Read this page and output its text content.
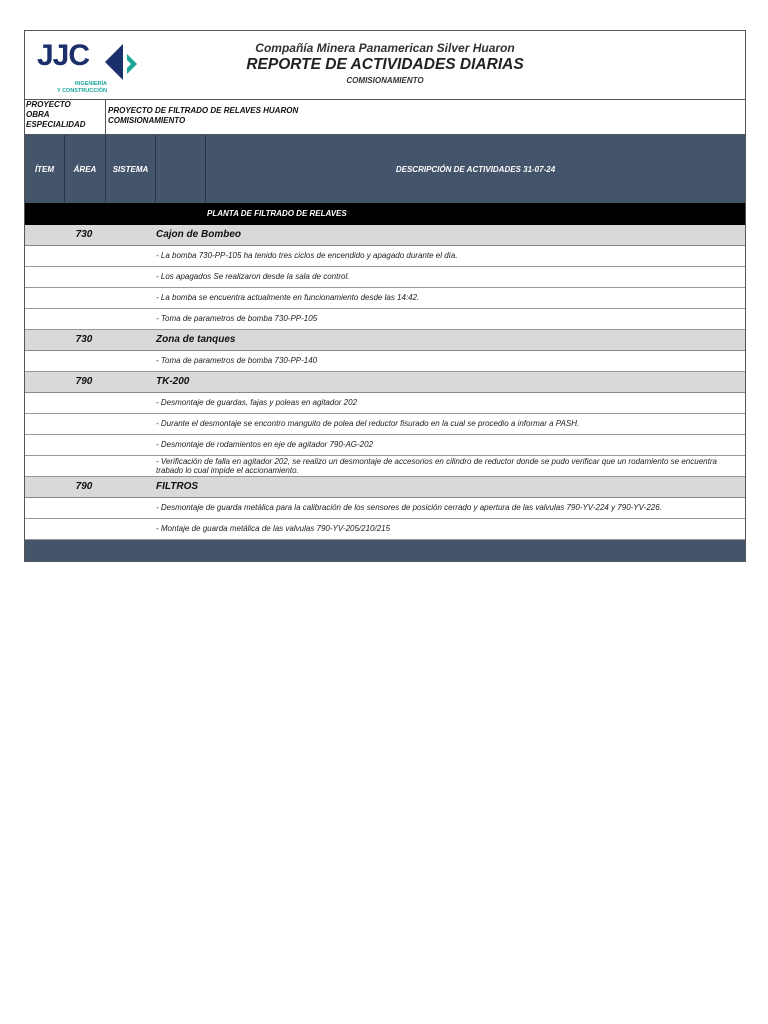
JJC
INGENIERÍA
Y CONSTRUCCIÓN
Compañía Minera Panamerican Silver Huaron
REPORTE DE ACTIVIDADES DIARIAS
COMISIONAMIENTO
PROYECTO
OBRA
ESPECIALIDAD
PROYECTO DE FILTRADO DE RELAVES HUARON
COMISIONAMIENTO
ÍTEM	ÁREA	SISTEMA	DESCRIPCIÓN DE ACTIVIDADES 31-07-24
PLANTA DE FILTRADO DE RELAVES
730	Cajon de Bombeo
- La bomba 730-PP-105 ha tenido tres ciclos de encendido y apagado durante el día.
- Los apagados Se realizaron desde la sala de control.
- La bomba se encuentra actualmente en funcionamiento desde las 14:42.
- Toma de parametros de bomba 730-PP-105
730	Zona de tanques
- Toma de parametros de bomba 730-PP-140
790	TK-200
- Desmontaje de guardas, fajas y poleas en agitador 202
- Durante el desmontaje se encontro manguito de polea del reductor fisurado en la cual se procedio a informar a PASH.
- Desmontaje de rodamientos en eje de agitador 790-AG-202
- Verificación de falla en agitador 202, se realizo un desmontaje de accesorios en cilindro de reductor donde se pudo verificar que un rodamiento se encuentra trabado lo cual impide el accionamiento.
790	FILTROS
- Desmontaje de guarda metálica para la calibración de los sensores de posición cerrado y apertura de las valvulas 790-YV-224 y 790-YV-226.
- Montaje de guarda metálica de las valvulas 790-YV-205/210/215
